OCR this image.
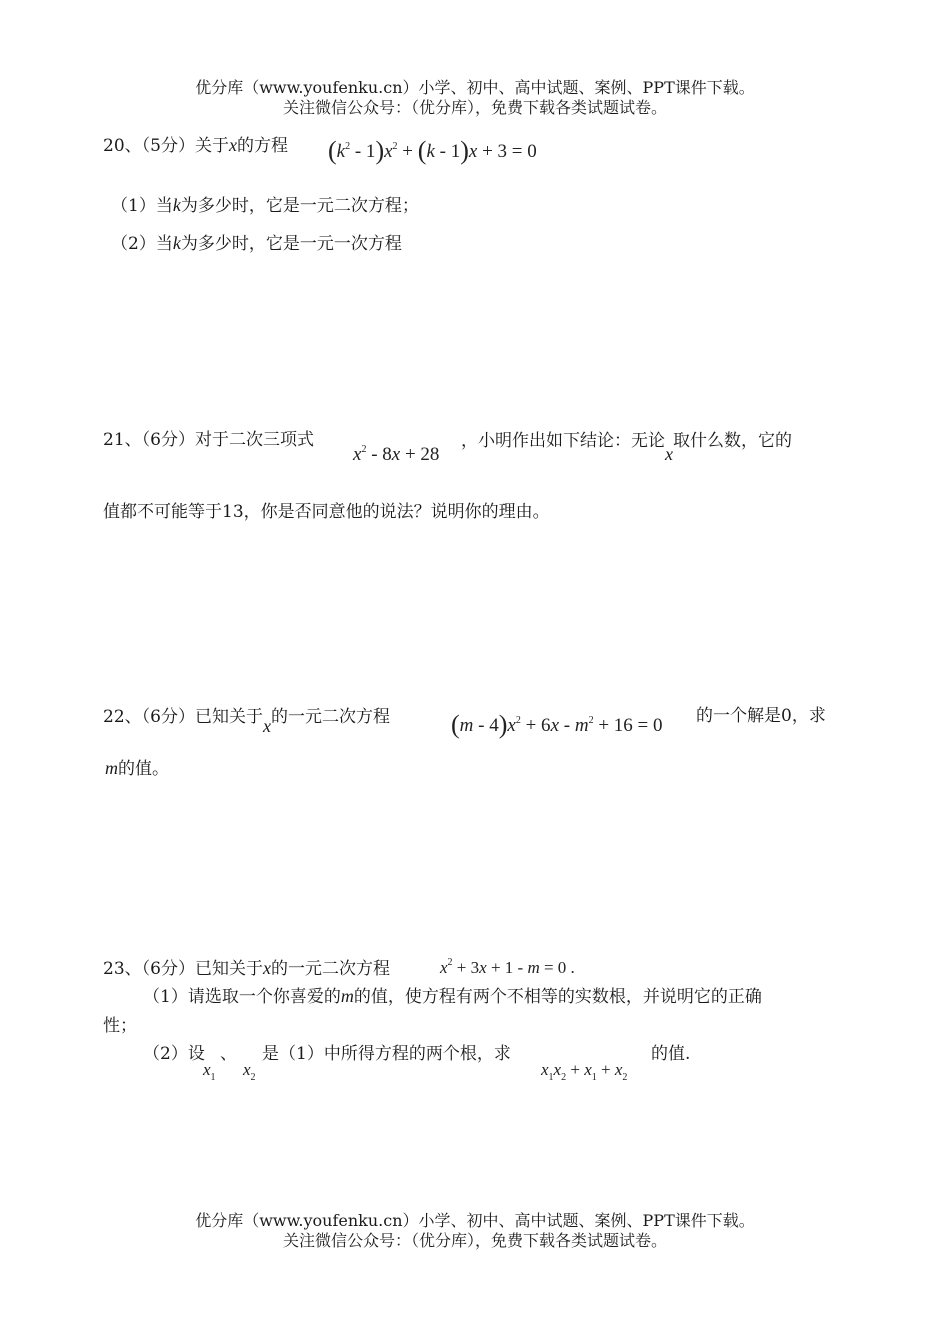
优分库（www.youfenku.cn）小学、初中、高中试题、案例、PPT课件下载。
关注微信公众号：（优分库），免费下载各类试题试卷。
20、（5分）关于x的方程 $(k^2 - 1)x^2 + (k - 1)x + 3 = 0$
（1）当k为多少时，它是一元二次方程；
（2）当k为多少时，它是一元一次方程
21、（6分）对于二次三项式
$x^2 - 8x + 28$
，小明作出如下结论：无论x取什么数，它的
值都不可能等于13，你是否同意他的说法？说明你的理由。
22、（6分）已知关于x的一元二次方程 $(m - 4)x^2 + 6x - m^2 + 16 = 0$ 的一个解是0，求
m的值。
23、（6分）已知关于x的一元二次方程	$x^2 + 3x + 1 - m = 0$ .
（1）请选取一个你喜爱的m的值，使方程有两个不相等的实数根，并说明它的正确
性；
（2）设
$x_1$
、
$x_2$
是（1）中所得方程的两个根，求
$x_1x_2 + x_1 + x_2$
的值.
优分库（www.youfenku.cn）小学、初中、高中试题、案例、PPT课件下载。
关注微信公众号：（优分库），免费下载各类试题试卷。
